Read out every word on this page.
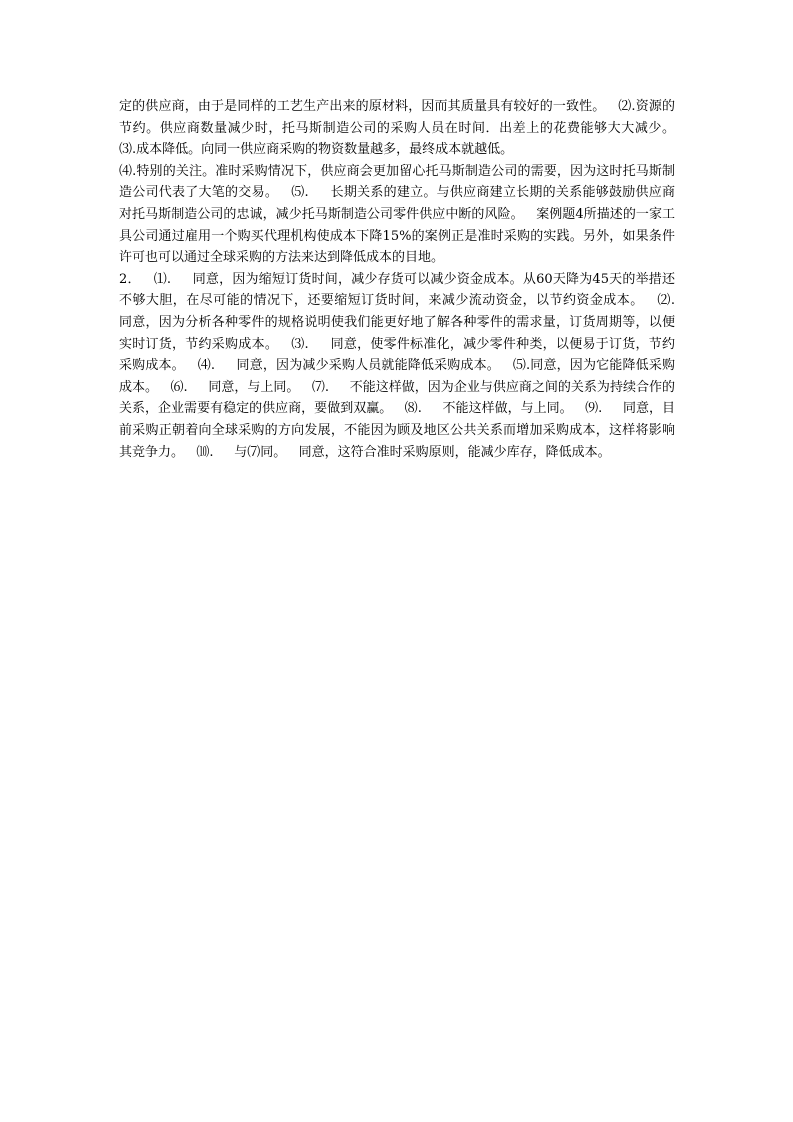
定的供应商，由于是同样的工艺生产出来的原材料，因而其质量具有较好的一致性。   ⑵.资源的节约。供应商数量减少时，托马斯制造公司的采购人员在时间．出差上的花费能够大大减少。   ⑶.成本降低。向同一供应商采购的物资数量越多，最终成本就越低。

⑷.特别的关注。准时采购情况下，供应商会更加留心托马斯制造公司的需要，因为这时托马斯制造公司代表了大笔的交易。   ⑸.     长期关系的建立。与供应商建立长期的关系能够鼓励供应商对托马斯制造公司的忠诚，减少托马斯制造公司零件供应中断的风险。   案例题4所描述的一家工具公司通过雇用一个购买代理机构使成本下降15%的案例正是准时采购的实践。另外，如果条件许可也可以通过全球采购的方法来达到降低成本的目地。

2．   ⑴.     同意，因为缩短订货时间，减少存货可以减少资金成本。从60天降为45天的举措还不够大胆，在尽可能的情况下，还要缩短订货时间，来减少流动资金，以节约资金成本。   ⑵.     同意，因为分析各种零件的规格说明使我们能更好地了解各种零件的需求量，订货周期等，以便实时订货，节约采购成本。   ⑶.     同意，使零件标准化，减少零件种类，以便易于订货，节约采购成本。   ⑷.     同意，因为减少采购人员就能降低采购成本。   ⑸.同意，因为它能降低采购成本。   ⑹.     同意，与上同。   ⑺.     不能这样做，因为企业与供应商之间的关系为持续合作的关系，企业需要有稳定的供应商，要做到双赢。   ⑻.     不能这样做，与上同。   ⑼.     同意，目前采购正朝着向全球采购的方向发展，不能因为顾及地区公共关系而增加采购成本，这样将影响其竞争力。   ⑽.     与⑺同。   同意，这符合准时采购原则，能减少库存，降低成本。
